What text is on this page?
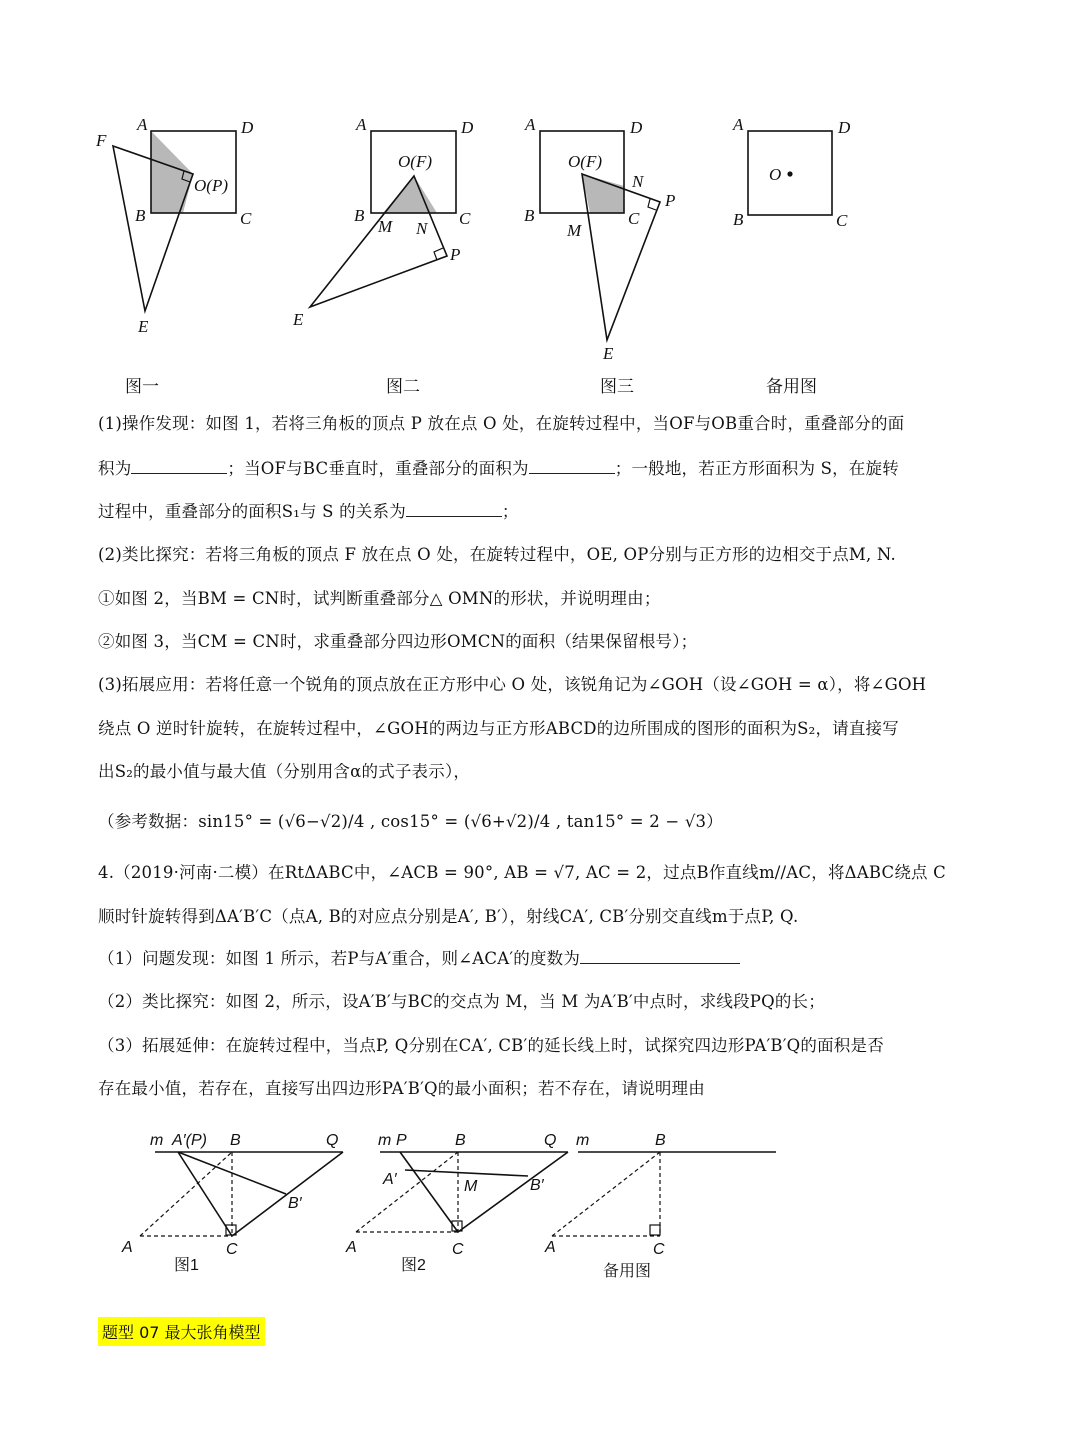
A	D
F
O(P)
B	C
E
A	D
O(F)
B	C
M N
P
E
A	D
O(F)
N
P
B	C
M
E
A	D
O
B	C
图一	图二	图三	备用图
(1)操作发现：如图 1，若将三角板的顶点 P 放在点 O 处，在旋转过程中，当OF与OB重合时，重叠部分的面
积为	；当OF与BC垂直时，重叠部分的面积为	；一般地，若正方形面积为 S，在旋转
过程中，重叠部分的面积S₁与 S 的关系为	；
(2)类比探究：若将三角板的顶点 F 放在点 O 处，在旋转过程中，OE, OP分别与正方形的边相交于点M, N.
①如图 2，当BM = CN时，试判断重叠部分△ OMN的形状，并说明理由；
②如图 3，当CM = CN时，求重叠部分四边形OMCN的面积（结果保留根号）；
(3)拓展应用：若将任意一个锐角的顶点放在正方形中心 O 处，该锐角记为∠GOH（设∠GOH = α），将∠GOH
绕点 O 逆时针旋转，在旋转过程中，∠GOH的两边与正方形ABCD的边所围成的图形的面积为S₂，请直接写
出S₂的最小值与最大值（分别用含α的式子表示），
（参考数据：sin15° = (√6−√2)/4 , cos15° = (√6+√2)/4 , tan15° = 2 − √3）
4.（2019·河南·二模）在RtΔABC中，∠ACB = 90°, AB = √7, AC = 2，过点B作直线m//AC，将ΔABC绕点 C
顺时针旋转得到ΔA′B′C（点A, B的对应点分别是A′, B′），射线CA′, CB′分别交直线m于点P, Q.
（1）问题发现：如图 1 所示，若P与A′重合，则∠ACA′的度数为
（2）类比探究：如图 2，所示，设A′B′与BC的交点为 M，当 M 为A′B′中点时，求线段PQ的长；
（3）拓展延伸：在旋转过程中，当点P, Q分别在CA′, CB′的延长线上时，试探究四边形PA′B′Q的面积是否
存在最小值，若存在，直接写出四边形PA′B′Q的最小面积；若不存在，请说明理由
m A′(P) B	Q
B′
A	C
图1
m P	B	Q
A′	M	B′
A	C
图2
m	B
A	C
备用图
题型 07 最大张角模型
